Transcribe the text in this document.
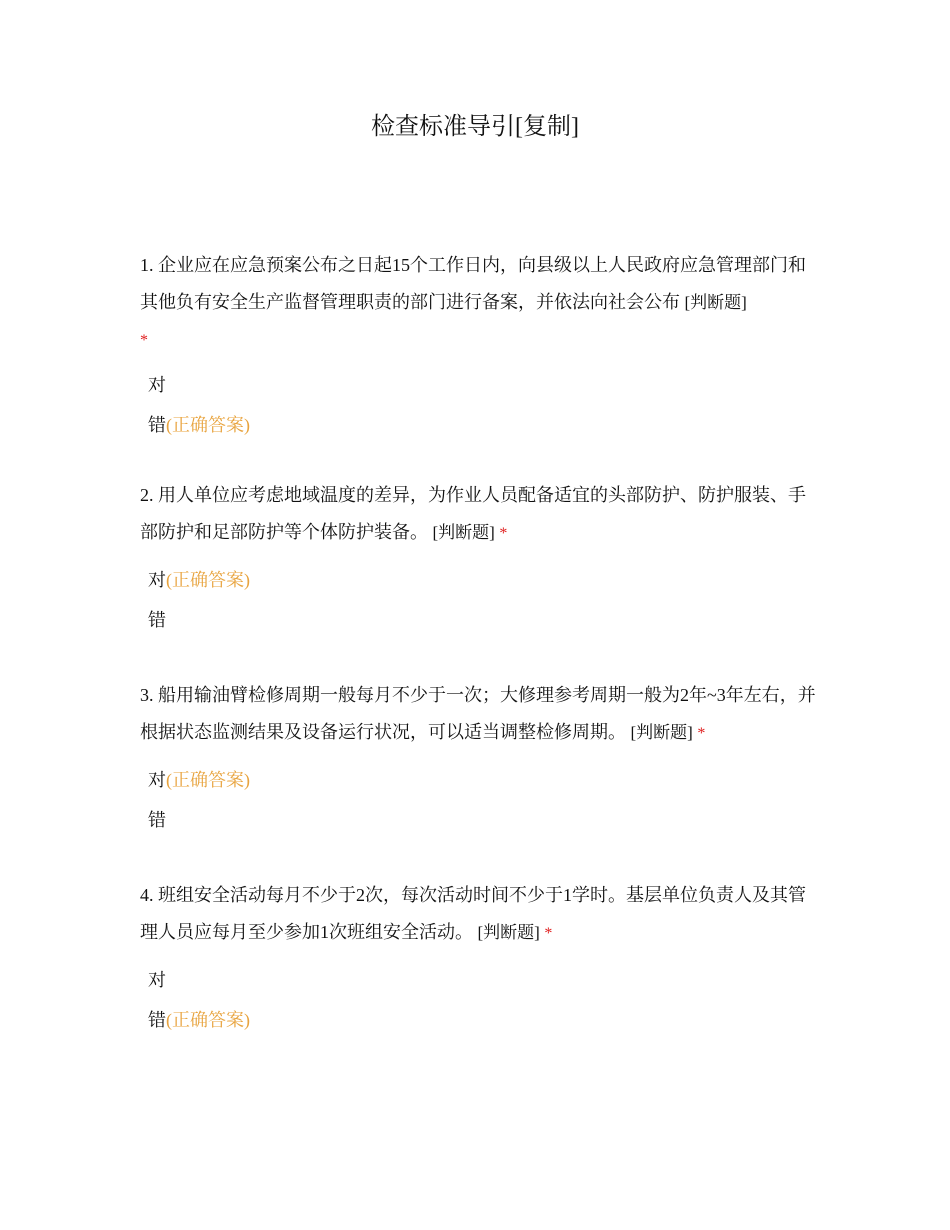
检查标准导引[复制]

1. 企业应在应急预案公布之日起15个工作日内，向县级以上人民政府应急管理部门和其他负有安全生产监督管理职责的部门进行备案，并依法向社会公布 [判断题]
*

对
错 (正确答案)

2. 用人单位应考虑地域温度的差异，为作业人员配备适宜的头部防护、防护服装、手部防护和足部防护等个体防护装备。 [判断题] *

对 (正确答案)
错

3. 船用输油臂检修周期一般每月不少于一次；大修理参考周期一般为2年~3年左右，并根据状态监测结果及设备运行状况，可以适当调整检修周期。 [判断题] *

对 (正确答案)
错

4. 班组安全活动每月不少于2次，每次活动时间不少于1学时。基层单位负责人及其管理人员应每月至少参加1次班组安全活动。 [判断题] *

对
错 (正确答案)
